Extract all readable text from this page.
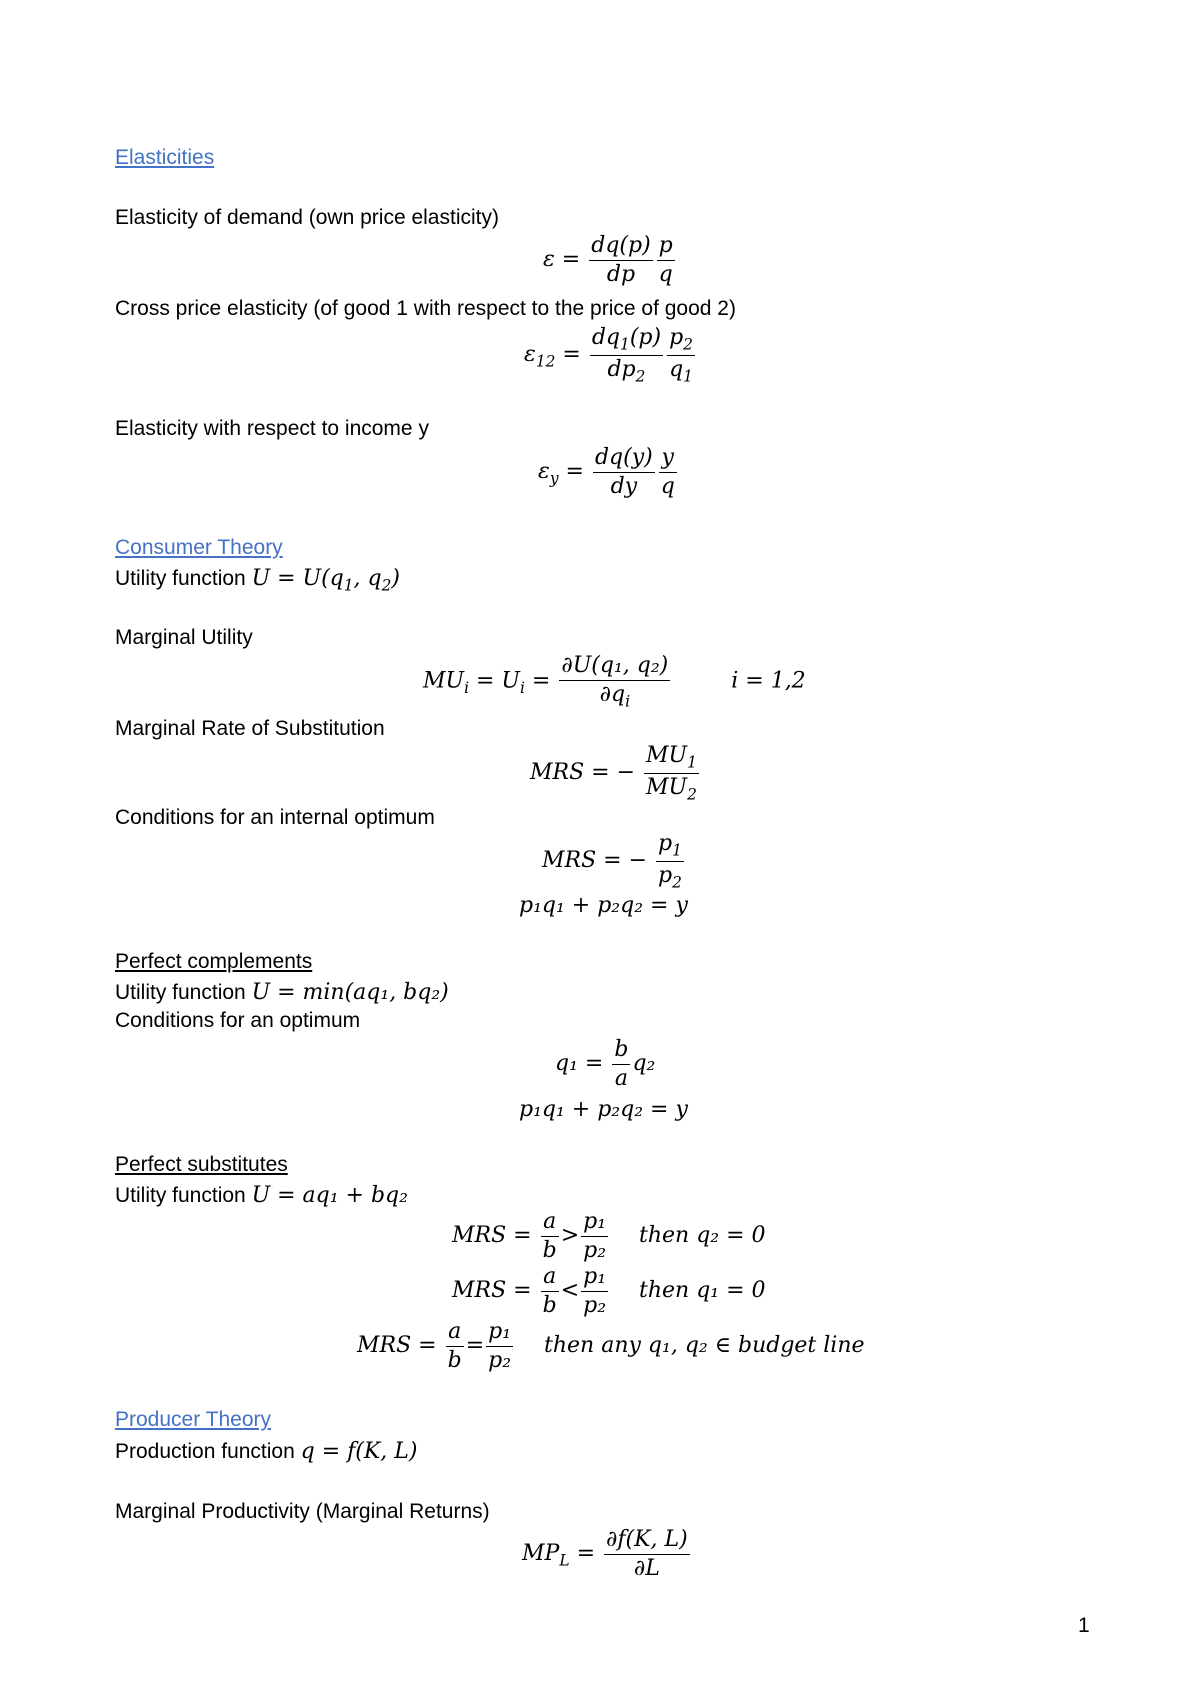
Elasticities
Elasticity of demand (own price elasticity)
$\varepsilon = \frac{dq(p)}{dp} \frac{p}{q}$
Cross price elasticity (of good 1 with respect to the price of good 2)
$\varepsilon_{12} = \frac{dq_1(p)}{dp_2} \frac{p_2}{q_1}$
Elasticity with respect to income y
$\varepsilon_y = \frac{dq(y)}{dy} \frac{y}{q}$
Consumer Theory
Utility function $U = U(q_1$, $q_2$)
Marginal Utility
$MU_i = U_i = \frac{\text{∂U(q₁, q₂)}}{\partial q_i}$	i = 1,2
Marginal Rate of Substitution
MRS = − $\frac{MU_1}{MU_2}$
Conditions for an internal optimum
MRS = − $\frac{p_1}{p_2}$
p₁q₁ + p₂q₂ = y
Perfect complements
Utility function U = min(aq₁, bq₂)
Conditions for an optimum
$q_1 = \frac{b}{a} q_2$
p₁q₁ + p₂q₂ = y
Perfect substitutes
Utility function U = aq₁ + bq₂
MRS = $\frac{a}{b} > \frac{\text{p₁}}{\text{p₂}}$ then q₂ = 0
MRS = $\frac{a}{b} < \frac{\text{p₁}}{\text{p₂}}$ then q₁ = 0
MRS = $\frac{a}{b} = \frac{\text{p₁}}{\text{p₂}}$ then any q₁, q₂ ∈ budget line
Producer Theory
Production function q = f(K, L)
Marginal Productivity (Marginal Returns)
$MP_L = \frac{\partial f(K, L)}{\partial L}$
1
